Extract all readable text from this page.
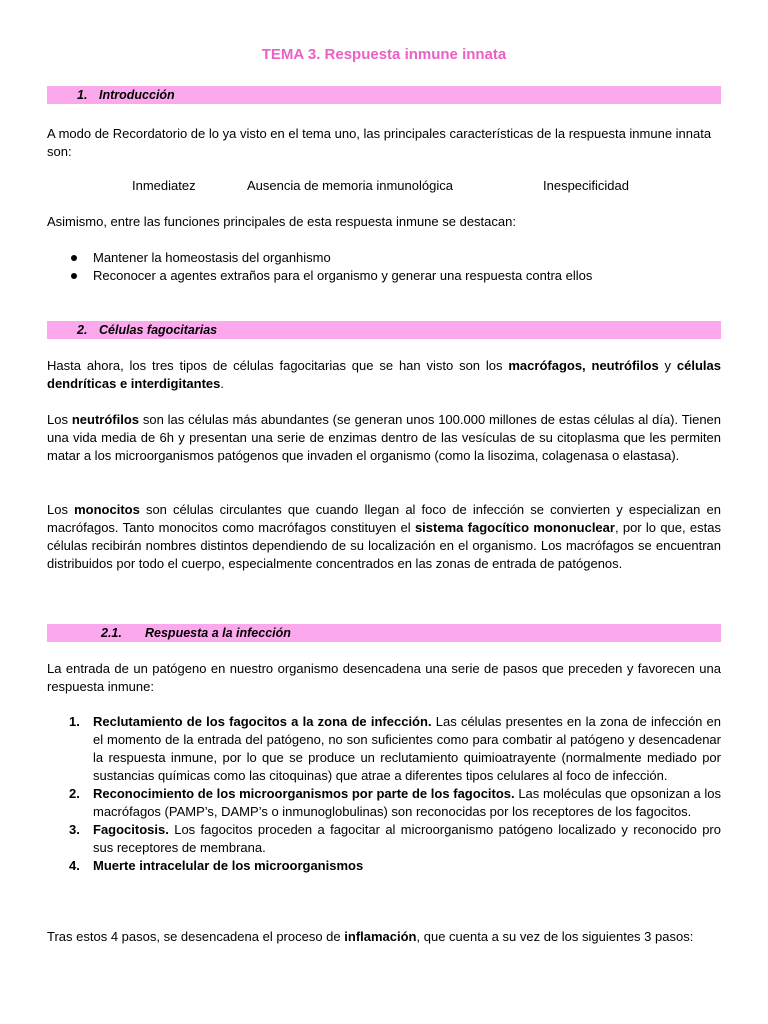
TEMA 3. Respuesta inmune innata
1. Introducción
A modo de Recordatorio de lo ya visto en el tema uno, las principales características de la respuesta inmune innata son:
Inmediatez	Ausencia de memoria inmunológica	Inespecificidad
Asimismo, entre las funciones principales de esta respuesta inmune se destacan:
Mantener la homeostasis del organhismo
Reconocer a agentes extraños para el organismo y generar una respuesta contra ellos
2. Células fagocitarias
Hasta ahora, los tres tipos de células fagocitarias que se han visto son los macrófagos, neutrófilos y células dendríticas e interdigitantes.
Los neutrófilos son las células más abundantes (se generan unos 100.000 millones de estas células al día). Tienen una vida media de 6h y presentan una serie de enzimas dentro de las vesículas de su citoplasma que les permiten matar a los microorganismos patógenos que invaden el organismo (como la lisozima, colagenasa o elastasa).
Los monocitos son células circulantes que cuando llegan al foco de infección se convierten y especializan en macrófagos. Tanto monocitos como macrófagos constituyen el sistema fagocítico mononuclear, por lo que, estas células recibirán nombres distintos dependiendo de su localización en el organismo. Los macrófagos se encuentran distribuidos por todo el cuerpo, especialmente concentrados en las zonas de entrada de patógenos.
2.1. Respuesta a la infección
La entrada de un patógeno en nuestro organismo desencadena una serie de pasos que preceden y favorecen una respuesta inmune:
1. Reclutamiento de los fagocitos a la zona de infección. Las células presentes en la zona de infección en el momento de la entrada del patógeno, no son suficientes como para combatir al patógeno y desencadenar la respuesta inmune, por lo que se produce un reclutamiento quimioatrayente (normalmente mediado por sustancias químicas como las citoquinas) que atrae a diferentes tipos celulares al foco de infección.
2. Reconocimiento de los microorganismos por parte de los fagocitos. Las moléculas que opsonizan a los macrófagos (PAMP’s, DAMP’s o inmunoglobulinas) son reconocidas por los receptores de los fagocitos.
3. Fagocitosis. Los fagocitos proceden a fagocitar al microorganismo patógeno localizado y reconocido pro sus receptores de membrana.
4. Muerte intracelular de los microorganismos
Tras estos 4 pasos, se desencadena el proceso de inflamación, que cuenta a su vez de los siguientes 3 pasos:
